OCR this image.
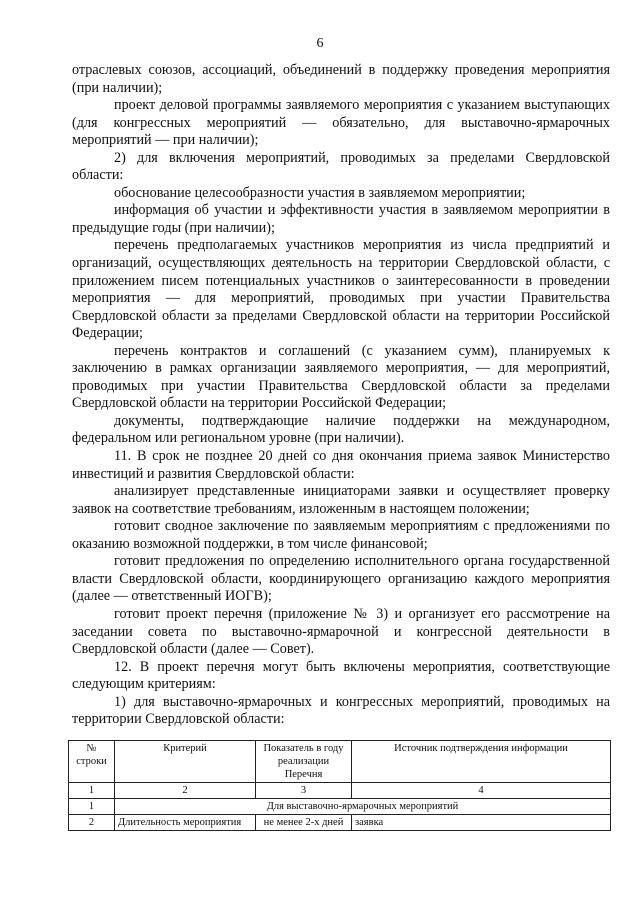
6

отраслевых союзов, ассоциаций, объединений в поддержку проведения мероприятия (при наличии);

проект деловой программы заявляемого мероприятия с указанием выступающих (для конгрессных мероприятий — обязательно, для выставочно-ярмарочных мероприятий — при наличии);

2) для включения мероприятий, проводимых за пределами Свердловской области:

обоснование целесообразности участия в заявляемом мероприятии;

информация об участии и эффективности участия в заявляемом мероприятии в предыдущие годы (при наличии);

перечень предполагаемых участников мероприятия из числа предприятий и организаций, осуществляющих деятельность на территории Свердловской области, с приложением писем потенциальных участников о заинтересованности в проведении мероприятия — для мероприятий, проводимых при участии Правительства Свердловской области за пределами Свердловской области на территории Российской Федерации;

перечень контрактов и соглашений (с указанием сумм), планируемых к заключению в рамках организации заявляемого мероприятия, — для мероприятий, проводимых при участии Правительства Свердловской области за пределами Свердловской области на территории Российской Федерации;

документы, подтверждающие наличие поддержки на международном, федеральном или региональном уровне (при наличии).

11. В срок не позднее 20 дней со дня окончания приема заявок Министерство инвестиций и развития Свердловской области:

анализирует представленные инициаторами заявки и осуществляет проверку заявок на соответствие требованиям, изложенным в настоящем положении;

готовит сводное заключение по заявляемым мероприятиям с предложениями по оказанию возможной поддержки, в том числе финансовой;

готовит предложения по определению исполнительного органа государственной власти Свердловской области, координирующего организацию каждого мероприятия (далее — ответственный ИОГВ);

готовит проект перечня (приложение № 3) и организует его рассмотрение на заседании совета по выставочно-ярмарочной и конгрессной деятельности в Свердловской области (далее — Совет).

12. В проект перечня могут быть включены мероприятия, соответствующие следующим критериям:

1) для выставочно-ярмарочных и конгрессных мероприятий, проводимых на территории Свердловской области:

№ строки	Критерий	Показатель в году реализации Перечня	Источник подтверждения информации
1	2	3	4
1	Для выставочно-ярмарочных мероприятий		
2	Длительность мероприятия	не менее 2-х дней	заявка
